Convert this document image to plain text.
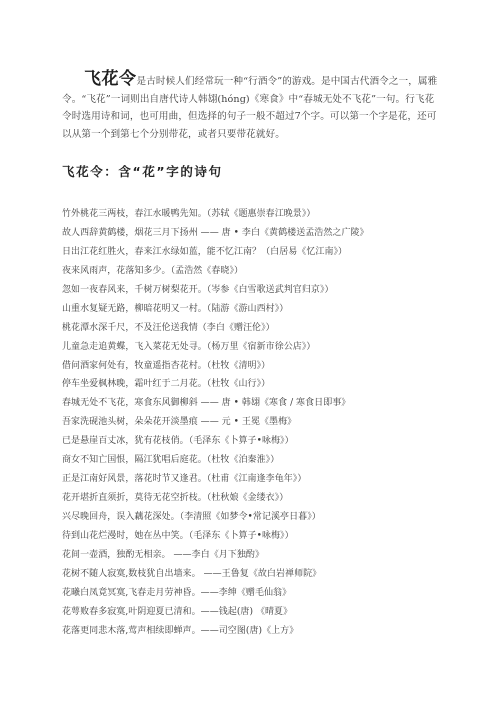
飞花令是古时候人们经常玩一种“行酒令”的游戏。是中国古代酒令之一，属雅令。“飞花”一词则出自唐代诗人韩翃(hóng)《寒食》中“春城无处不飞花”一句。行飞花令时选用诗和词，也可用曲，但选择的句子一般不超过7个字。可以第一个字是花，还可以从第一个到第七个分别带花，或者只要带花就好。

飞花令：含“花”字的诗句
竹外桃花三两枝，春江水暖鸭先知。（苏轼《题惠崇春江晚景》）
故人西辞黄鹤楼，烟花三月下扬州 —— 唐 • 李白《黄鹤楼送孟浩然之广陵》
日出江花红胜火，春来江水绿如蓝，能不忆江南？（白居易《忆江南》）
夜来风雨声，花落知多少。（孟浩然《春晓》）
忽如一夜春风来，千树万树梨花开。（岑参《白雪歌送武判官归京》）
山重水复疑无路，柳暗花明又一村。（陆游《游山西村》）
桃花潭水深千尺，不及汪伦送我情（李白《赠汪伦》）
儿童急走追黄蝶，飞入菜花无处寻。（杨万里《宿新市徐公店》）
借问酒家何处有，牧童遥指杏花村。（杜牧《清明》）
停车坐爱枫林晚，霜叶红于二月花。（杜牧《山行》）
春城无处不飞花，寒食东风御柳斜 —— 唐 • 韩翃《寒食 / 寒食日即事》
吾家洗砚池头树，朵朵花开淡墨痕 —— 元 • 王冕《墨梅》
已是悬崖百丈冰，犹有花枝俏。（毛泽东《卜算子•咏梅》）
商女不知亡国恨，隔江犹唱后庭花。（杜牧《泊秦淮》）
正是江南好风景，落花时节又逢君。（杜甫《江南逢李龟年》）
花开堪折直须折，莫待无花空折枝。（杜秋娘《金缕衣》）
兴尽晚回舟，误入藕花深处。（李清照《如梦令•常记溪亭日暮》）
待到山花烂漫时，她在丛中笑。（毛泽东《卜算子•咏梅》）
花间一壶酒，独酌无相亲。 ——李白《月下独酌》
花树不随人寂寞,数枝犹自出墙来。 ——王鲁复《故白岩禅师院》
花曦白凤竟冥寞,飞春走月劳神昏。——李绅《赠毛仙翁》
花萼败春多寂寞,叶阴迎夏已清和。——钱起(唐) 《晴夏》
花落更同悲木落,莺声相续即蝉声。——司空图(唐)《上方》
